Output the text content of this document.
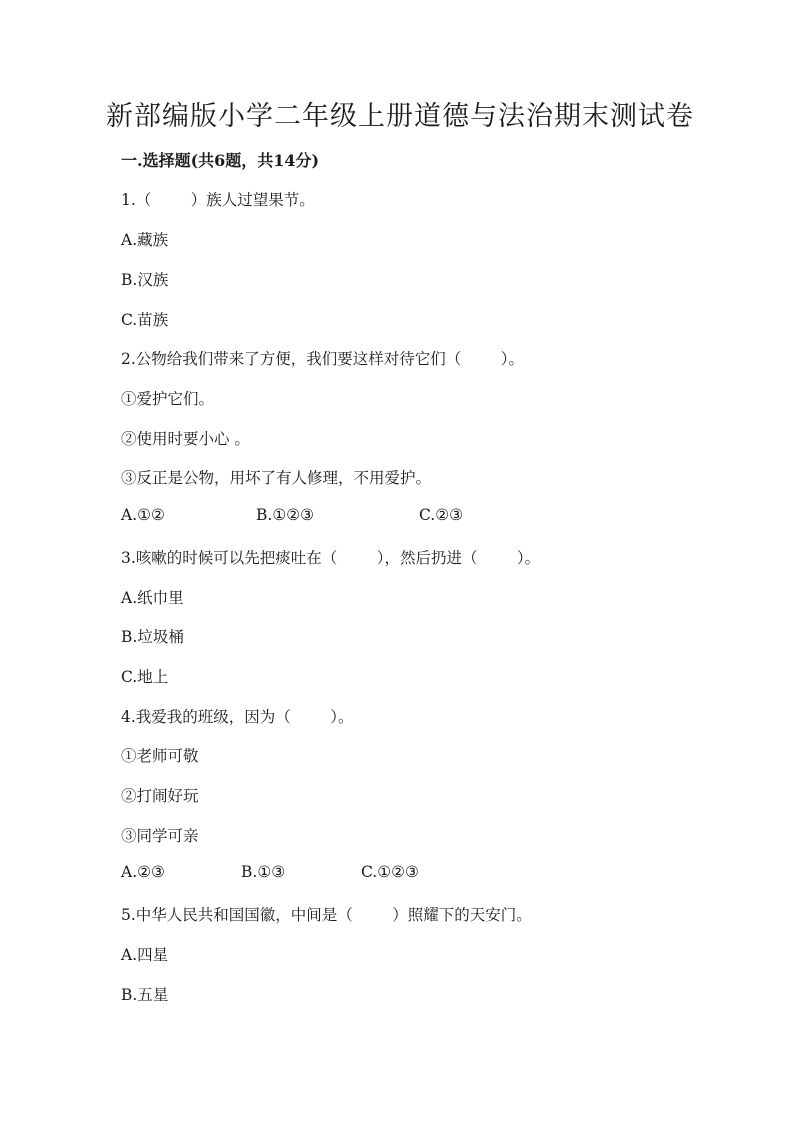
新部编版小学二年级上册道德与法治期末测试卷
一.选择题(共6题，共14分)
1.（        ）族人过望果节。
A.藏族
B.汉族
C.苗族
2.公物给我们带来了方便，我们要这样对待它们（        ）。
①爱护它们。
②使用时要小心 。
③反正是公物，用坏了有人修理，不用爱护。

A.①②

	B.①②③

	C.②③

3.咳嗽的时候可以先把痰吐在（        ），然后扔进（        ）。
A.纸巾里
B.垃圾桶
C.地上
4.我爱我的班级，因为（        ）。
①老师可敬
②打闹好玩
③同学可亲

A.②③

	B.①③

	C.①②③

5.中华人民共和国国徽，中间是（        ）照耀下的天安门。
A.四星
B.五星
